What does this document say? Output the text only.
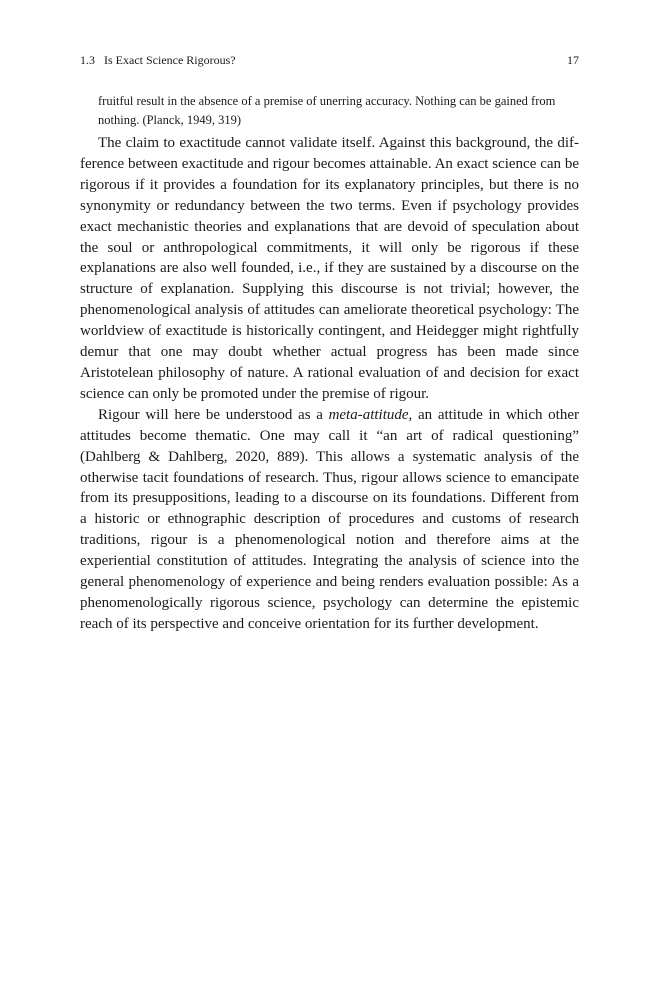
1.3 Is Exact Science Rigorous?	17
fruitful result in the absence of a premise of unerring accuracy. Nothing can be gained from nothing. (Planck, 1949, 319)

The claim to exactitude cannot validate itself. Against this background, the difference between exactitude and rigour becomes attainable. An exact science can be rigorous if it provides a foundation for its explanatory principles, but there is no synonymity or redundancy between the two terms. Even if psychology provides exact mechanistic theories and explanations that are devoid of speculation about the soul or anthropological commitments, it will only be rigorous if these explanations are also well founded, i.e., if they are sustained by a discourse on the structure of explanation. Supplying this discourse is not trivial; however, the phenomenological analysis of attitudes can ameliorate theoretical psychology: The worldview of exactitude is historically contingent, and Heidegger might rightfully demur that one may doubt whether actual progress has been made since Aristotelean philosophy of nature. A rational evaluation of and decision for exact science can only be promoted under the premise of rigour.

Rigour will here be understood as a meta-attitude, an attitude in which other attitudes become thematic. One may call it “an art of radical questioning” (Dahlberg & Dahlberg, 2020, 889). This allows a systematic analysis of the otherwise tacit foundations of research. Thus, rigour allows science to emancipate from its presuppositions, leading to a discourse on its foundations. Different from a historic or ethnographic description of procedures and customs of research traditions, rigour is a phenomenological notion and therefore aims at the experiential constitution of attitudes. Integrating the analysis of science into the general phenomenology of experience and being renders evaluation possible: As a phenomenologically rigorous science, psychology can determine the epistemic reach of its perspective and conceive orientation for its further development.
